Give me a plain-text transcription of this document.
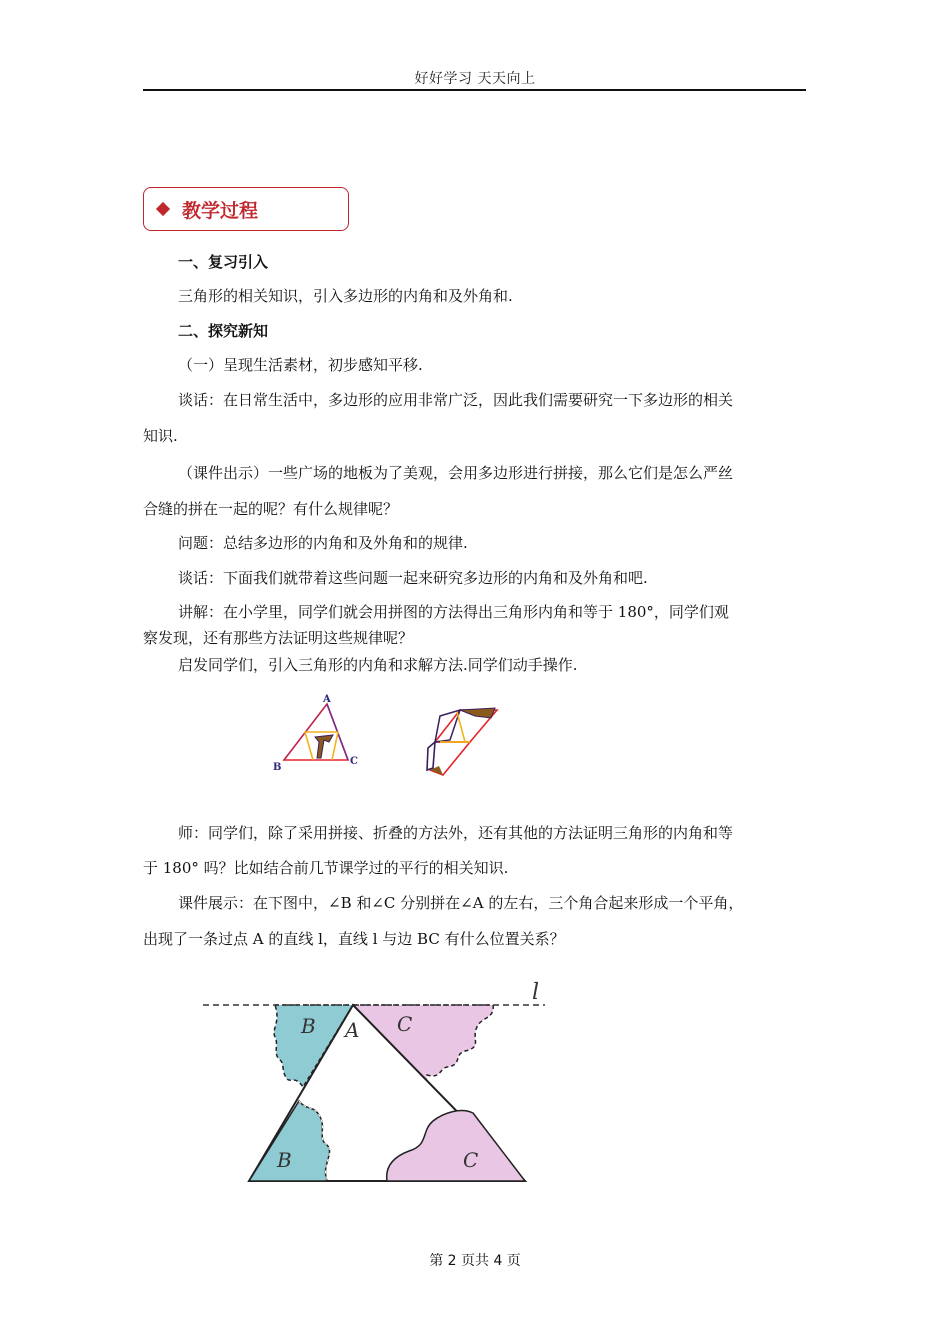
好好学习 天天向上
教学过程
一、复习引入
三角形的相关知识，引入多边形的内角和及外角和.
二、探究新知
（一）呈现生活素材，初步感知平移.
谈话：在日常生活中，多边形的应用非常广泛，因此我们需要研究一下多边形的相关
知识.
（课件出示）一些广场的地板为了美观，会用多边形进行拼接，那么它们是怎么严丝
合缝的拼在一起的呢？有什么规律呢？
问题：总结多边形的内角和及外角和的规律.
谈话：下面我们就带着这些问题一起来研究多边形的内角和及外角和吧.
讲解：在小学里，同学们就会用拼图的方法得出三角形内角和等于 180°，同学们观
察发现，还有那些方法证明这些规律呢？
启发同学们，引入三角形的内角和求解方法.同学们动手操作.
A
B
C
师：同学们，除了采用拼接、折叠的方法外，还有其他的方法证明三角形的内角和等
于 180° 吗？比如结合前几节课学过的平行的相关知识.
课件展示：在下图中，∠B 和∠C 分别拼在∠A 的左右，三个角合起来形成一个平角，
出现了一条过点 A 的直线 l，直线 l 与边 BC 有什么位置关系？
l
A
B	C
B	C
第 2 页共 4 页
